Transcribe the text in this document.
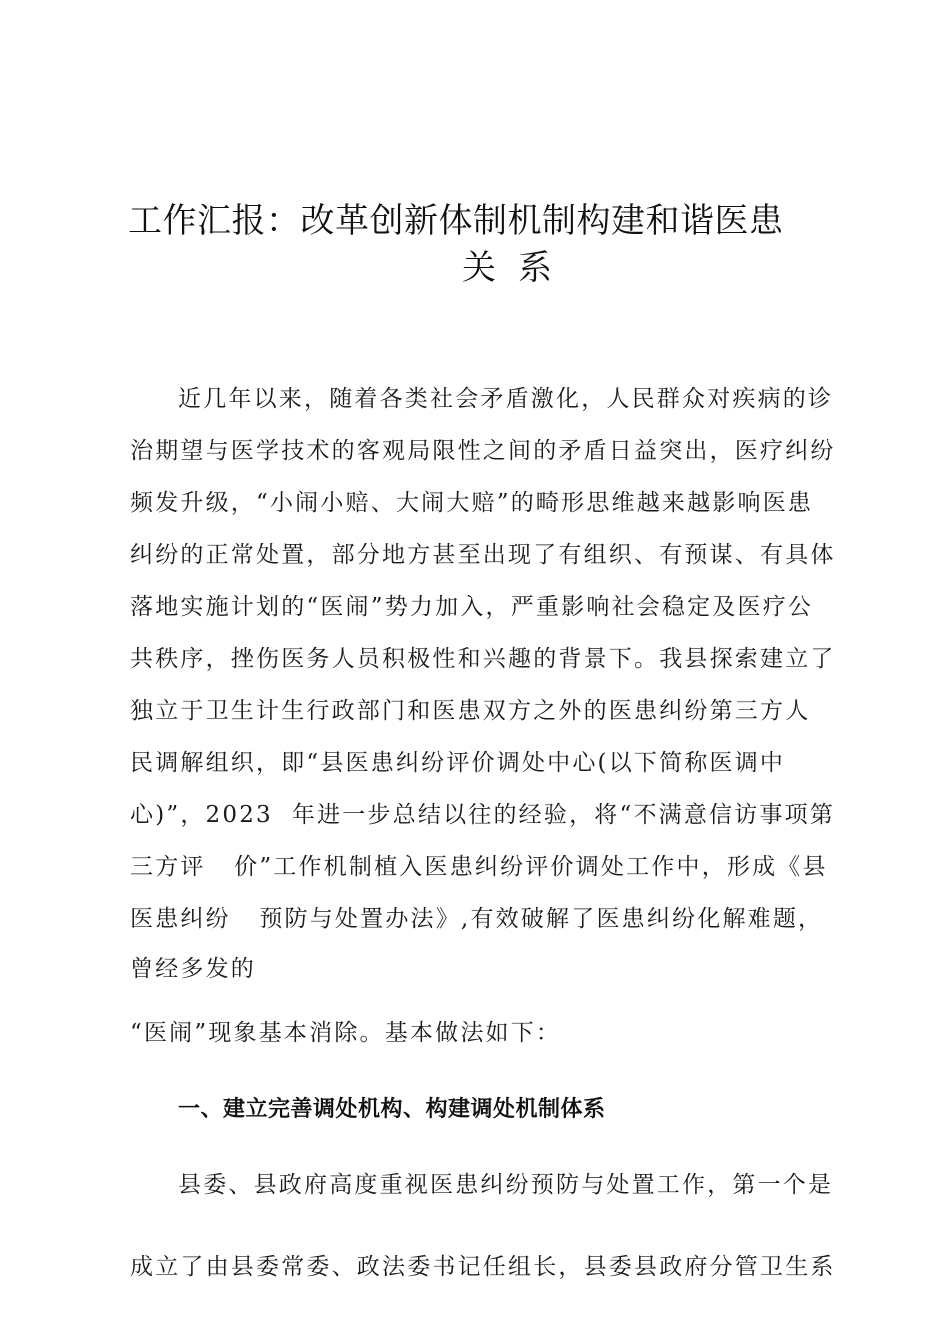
工作汇报：改革创新体制机制构建和谐医患
关系
近几年以来，随着各类社会矛盾激化，人民群众对疾病的诊
治期望与医学技术的客观局限性之间的矛盾日益突出，医疗纠纷
频发升级，“小闹小赔、大闹大赔”的畸形思维越来越影响医患
纠纷的正常处置，部分地方甚至出现了有组织、有预谋、有具体
落地实施计划的“医闹”势力加入，严重影响社会稳定及医疗公
共秩序，挫伤医务人员积极性和兴趣的背景下。我县探索建立了
独立于卫生计生行政部门和医患双方之外的医患纠纷第三方人
民调解组织，即“县医患纠纷评价调处中心(以下简称医调中
心)”，2023  年进一步总结以往的经验，将“不满意信访事项第
三方评   价”工作机制植入医患纠纷评价调处工作中，形成《县
医患纠纷   预防与处置办法》,有效破解了医患纠纷化解难题，
曾经多发的
“医闹”现象基本消除。基本做法如下：
一、建立完善调处机构、构建调处机制体系
县委、县政府高度重视医患纠纷预防与处置工作，第一个是
成立了由县委常委、政法委书记任组长，县委县政府分管卫生系
